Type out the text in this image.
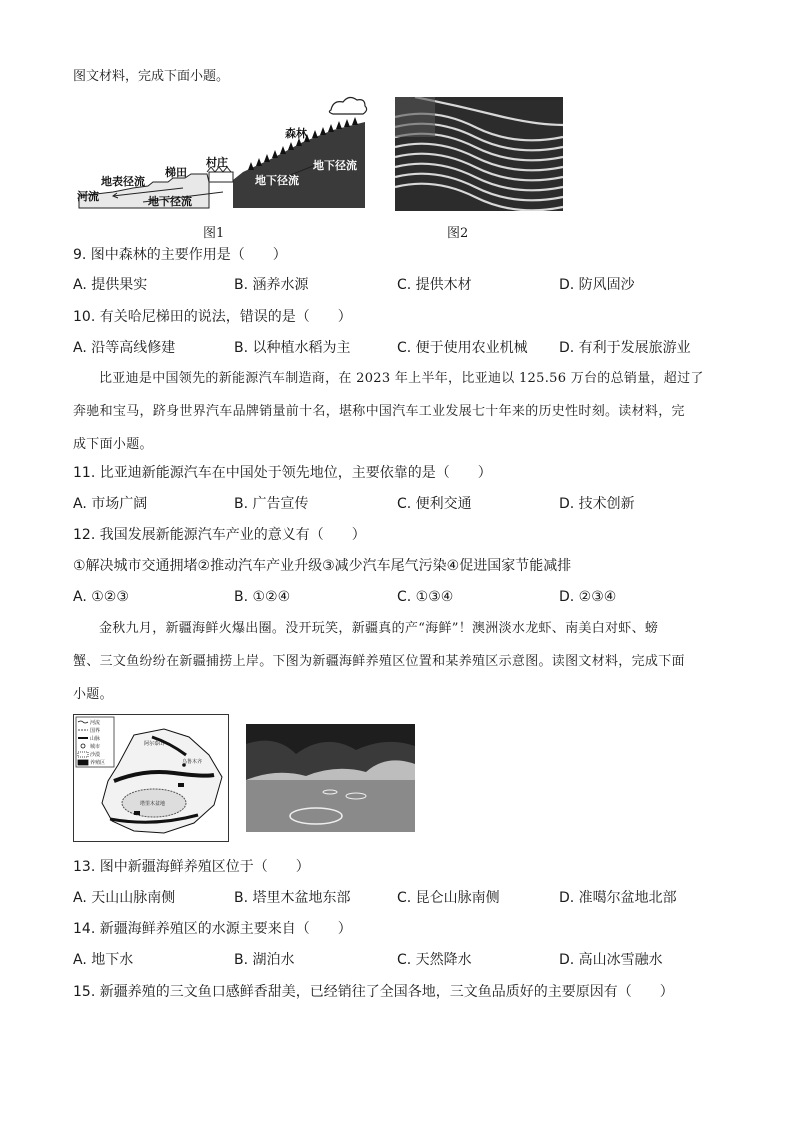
图文材料，完成下面小题。
森林
地下径流
村庄
地下径流
梯田
地表径流
河流	地下径流
图1	图2
9. 图中森林的主要作用是（　　）
A. 提供果实	B. 涵养水源	C. 提供木材	D. 防风固沙
10. 有关哈尼梯田的说法，错误的是（　　）
A. 沿等高线修建	B. 以种植水稻为主	C. 便于使用农业机械 D. 有利于发展旅游业

比亚迪是中国领先的新能源汽车制造商，在 2023 年上半年，比亚迪以 125.56 万台的总销量，超过了

奔驰和宝马，跻身世界汽车品牌销量前十名，堪称中国汽车工业发展七十年来的历史性时刻。读材料，完

成下面小题。

11. 比亚迪新能源汽车在中国处于领先地位，主要依靠的是（　　）
A. 市场广阔	B. 广告宣传	C. 便利交通	D. 技术创新
12. 我国发展新能源汽车产业的意义有（　　）
①解决城市交通拥堵②推动汽车产业升级③减少汽车尾气污染④促进国家节能减排
A. ①②③	B. ①②④	C. ①③④	D. ②③④

金秋九月，新疆海鲜火爆出圈。没开玩笑，新疆真的产“海鲜”！澳洲淡水龙虾、南美白对虾、螃

蟹、三文鱼纷纷在新疆捕捞上岸。下图为新疆海鲜养殖区位置和某养殖区示意图。读图文材料，完成下面

小题。

河流
国界
山脉
城市
沙漠
养殖区
阿尔泰山
乌鲁木齐
塔里木盆地
13. 图中新疆海鲜养殖区位于（　　）
A. 天山山脉南侧	B. 塔里木盆地东部	C. 昆仑山脉南侧	D. 准噶尔盆地北部
14. 新疆海鲜养殖区的水源主要来自（　　）
A. 地下水	B. 湖泊水	C. 天然降水	D. 高山冰雪融水
15. 新疆养殖的三文鱼口感鲜香甜美，已经销往了全国各地，三文鱼品质好的主要原因有（　　）
